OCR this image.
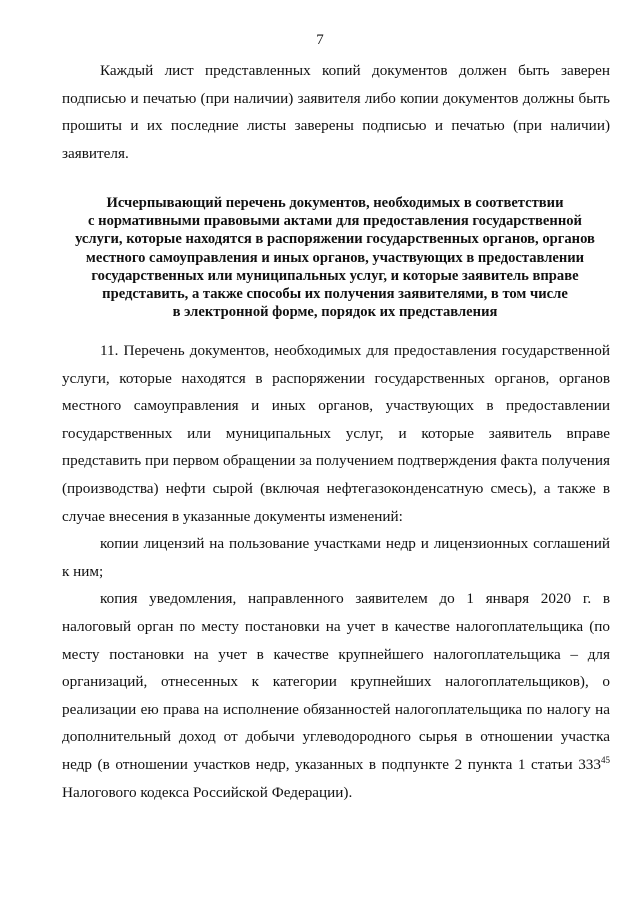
7

Каждый лист представленных копий документов должен быть заверен подписью и печатью (при наличии) заявителя либо копии документов должны быть прошиты и их последние листы заверены подписью и печатью (при наличии) заявителя.

Исчерпывающий перечень документов, необходимых в соответствии
с нормативными правовыми актами для предоставления государственной
услуги, которые находятся в распоряжении государственных органов, органов
местного самоуправления и иных органов, участвующих в предоставлении
государственных или муниципальных услуг, и которые заявитель вправе
представить, а также способы их получения заявителями, в том числе
в электронной форме, порядок их представления

11. Перечень документов, необходимых для предоставления государственной услуги, которые находятся в распоряжении государственных органов, органов местного самоуправления и иных органов, участвующих в предоставлении государственных или муниципальных услуг, и которые заявитель вправе представить при первом обращении за получением подтверждения факта получения (производства) нефти сырой (включая нефтегазоконденсатную смесь), а также в случае внесения в указанные документы изменений:

копии лицензий на пользование участками недр и лицензионных соглашений к ним;

копия уведомления, направленного заявителем до 1 января 2020 г. в налоговый орган по месту постановки на учет в качестве налогоплательщика (по месту постановки на учет в качестве крупнейшего налогоплательщика – для организаций, отнесенных к категории крупнейших налогоплательщиков), о реализации ею права на исполнение обязанностей налогоплательщика по налогу на дополнительный доход от добычи углеводородного сырья в отношении участка недр (в отношении участков недр, указанных в подпункте 2 пункта 1 статьи $333^{45}$ Налогового кодекса Российской Федерации).
